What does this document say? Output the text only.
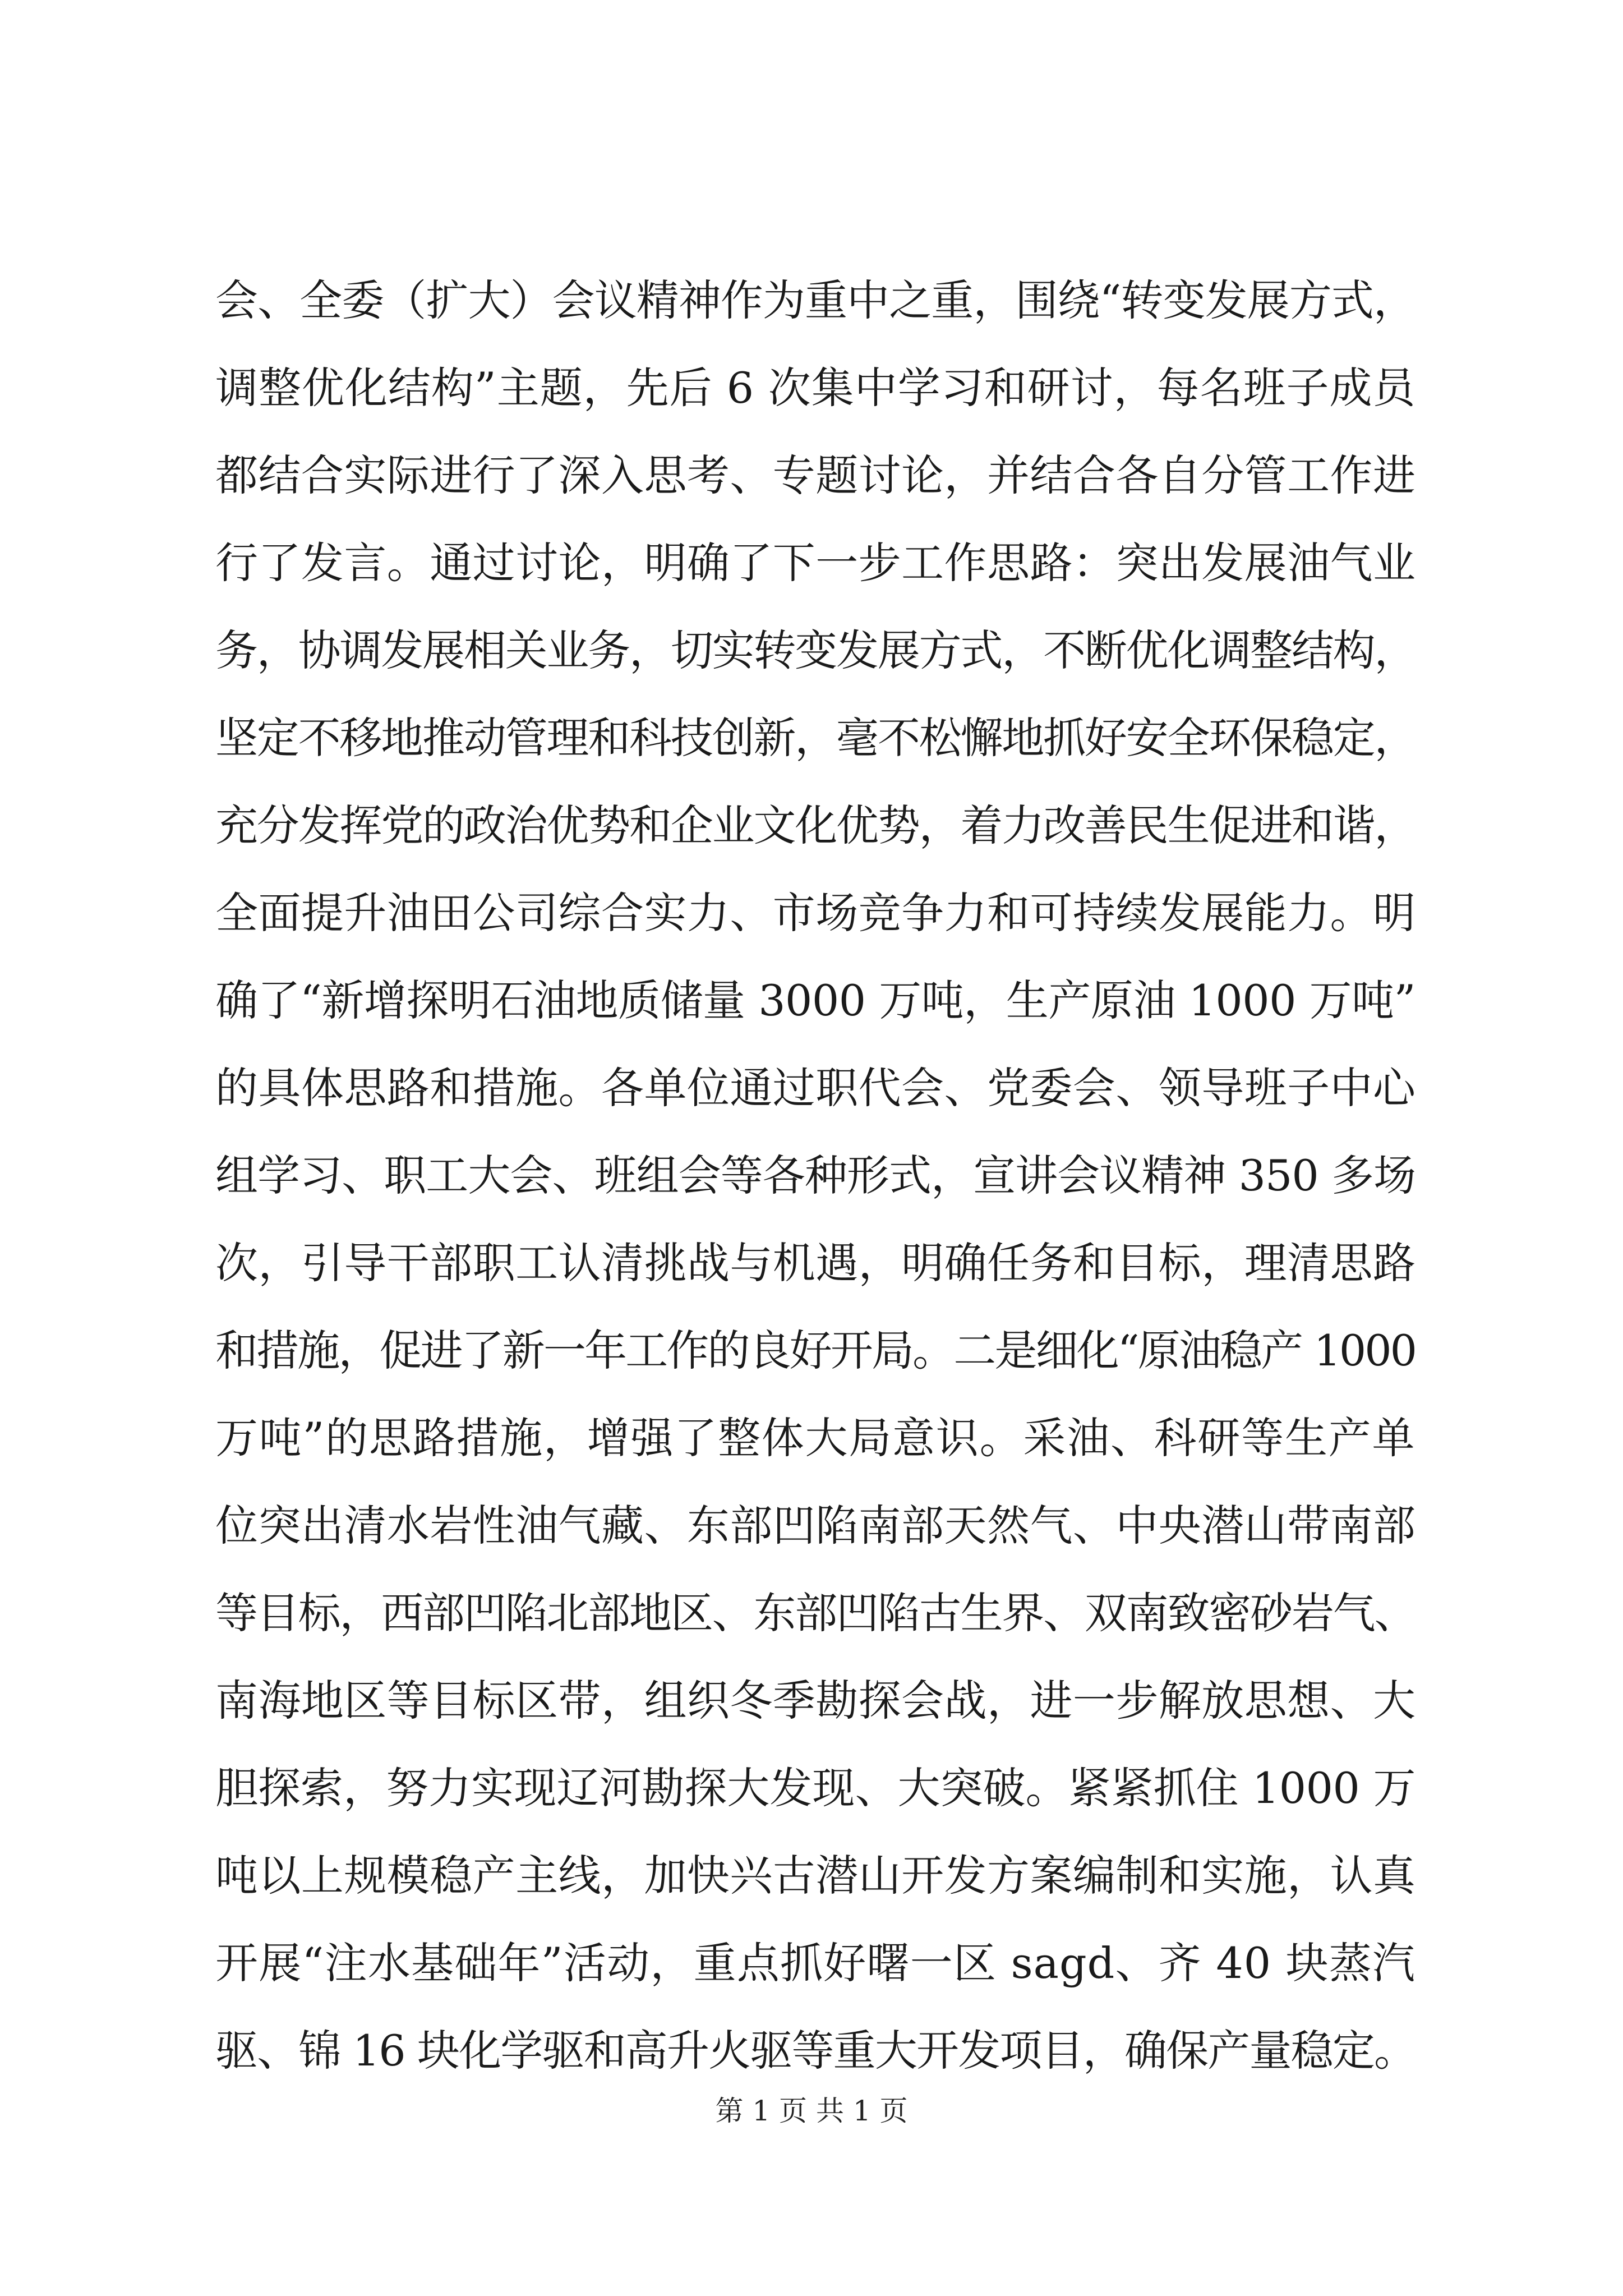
会、全委（扩大）会议精神作为重中之重，围绕“转变发展方式，
调整优化结构”主题，先后 6 次集中学习和研讨，每名班子成员
都结合实际进行了深入思考、专题讨论，并结合各自分管工作进
行了发言。通过讨论，明确了下一步工作思路：突出发展油气业
务，协调发展相关业务，切实转变发展方式，不断优化调整结构，
坚定不移地推动管理和科技创新，毫不松懈地抓好安全环保稳定，
充分发挥党的政治优势和企业文化优势，着力改善民生促进和谐，
全面提升油田公司综合实力、市场竞争力和可持续发展能力。明
确了“新增探明石油地质储量 3000 万吨，生产原油 1000 万吨”
的具体思路和措施。各单位通过职代会、党委会、领导班子中心
组学习、职工大会、班组会等各种形式，宣讲会议精神 350 多场
次，引导干部职工认清挑战与机遇，明确任务和目标，理清思路
和措施，促进了新一年工作的良好开局。二是细化“原油稳产 1000
万吨”的思路措施，增强了整体大局意识。采油、科研等生产单
位突出清水岩性油气藏、东部凹陷南部天然气、中央潜山带南部
等目标，西部凹陷北部地区、东部凹陷古生界、双南致密砂岩气、
南海地区等目标区带，组织冬季勘探会战，进一步解放思想、大
胆探索，努力实现辽河勘探大发现、大突破。紧紧抓住 1000 万
吨以上规模稳产主线，加快兴古潜山开发方案编制和实施，认真
开展“注水基础年”活动，重点抓好曙一区 sagd、齐 40 块蒸汽
驱、锦 16 块化学驱和高升火驱等重大开发项目，确保产量稳定。
第 1 页 共 1 页
